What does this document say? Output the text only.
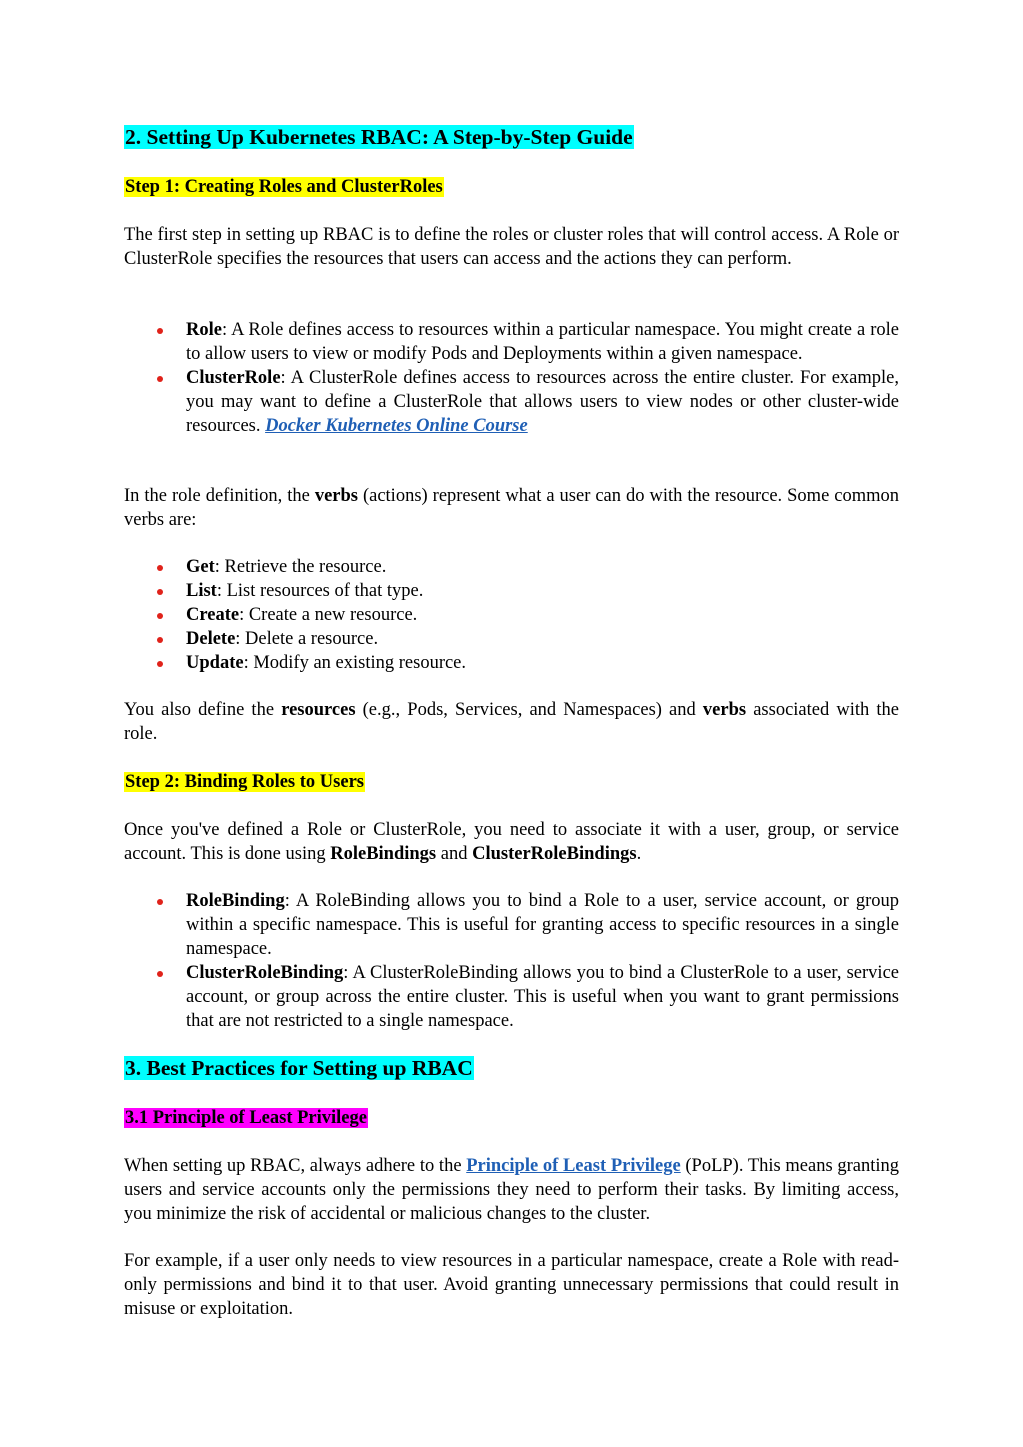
2. Setting Up Kubernetes RBAC: A Step-by-Step Guide
Step 1: Creating Roles and ClusterRoles

The first step in setting up RBAC is to define the roles or cluster roles that will control access. A Role or ClusterRole specifies the resources that users can access and the actions they can perform.

Role: A Role defines access to resources within a particular namespace. You might create a role to allow users to view or modify Pods and Deployments within a given namespace.
ClusterRole: A ClusterRole defines access to resources across the entire cluster. For example, you may want to define a ClusterRole that allows users to view nodes or other cluster-wide resources. Docker Kubernetes Online Course

In the role definition, the verbs (actions) represent what a user can do with the resource. Some common verbs are:

Get: Retrieve the resource.
List: List resources of that type.
Create: Create a new resource.
Delete: Delete a resource.
Update: Modify an existing resource.

You also define the resources (e.g., Pods, Services, and Namespaces) and verbs associated with the role.

Step 2: Binding Roles to Users

Once you've defined a Role or ClusterRole, you need to associate it with a user, group, or service account. This is done using RoleBindings and ClusterRoleBindings.

RoleBinding: A RoleBinding allows you to bind a Role to a user, service account, or group within a specific namespace. This is useful for granting access to specific resources in a single namespace.
ClusterRoleBinding: A ClusterRoleBinding allows you to bind a ClusterRole to a user, service account, or group across the entire cluster. This is useful when you want to grant permissions that are not restricted to a single namespace.
3. Best Practices for Setting up RBAC
3.1 Principle of Least Privilege

When setting up RBAC, always adhere to the Principle of Least Privilege (PoLP). This means granting users and service accounts only the permissions they need to perform their tasks. By limiting access, you minimize the risk of accidental or malicious changes to the cluster.

For example, if a user only needs to view resources in a particular namespace, create a Role with read-only permissions and bind it to that user. Avoid granting unnecessary permissions that could result in misuse or exploitation.
